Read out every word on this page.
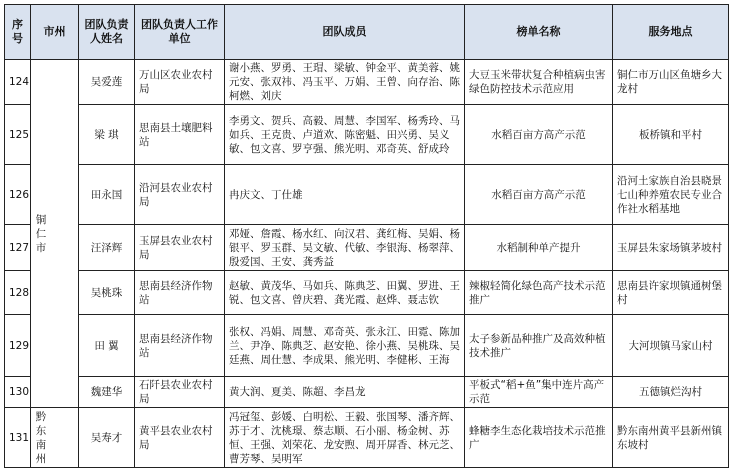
序号	市州	团队负责人姓名	团队负责人工作单位	团队成员	榜单名称	服务地点
124	铜仁市	吴爱莲	万山区农业农村局	谢小燕、罗勇、王瑁、梁敏、钟金平、黄美蓉、姚元安、张双祎、冯玉平、万娟、王曾、向存治、陈柯燃、刘庆	大豆玉米带状复合种植病虫害绿色防控技术示范应用	铜仁市万山区鱼塘乡大龙村
125		梁 琪	思南县土壤肥料站	李勇文、贺兵、高毅、周慧、李国军、杨秀玲、马如兵、王克贵、卢道欢、陈密魁、田兴勇、吴义敏、包文喜、罗亨强、熊光明、邓奇英、舒成玲	水稻百亩方高产示范	板桥镇和平村
126		田永国	沿河县农业农村局	冉庆文、丁仕雄	水稻百亩方高产示范	沿河土家族自治县晓景七山种养殖农民专业合作社水稻基地
127		汪泽辉	玉屏县农业农村局	邓娅、詹霞、杨水红、向汉君、龚红梅、吴娟、杨银平、罗玉群、吴文敏、代敏、李银海、杨翠萍、殷爱国、王安、龚秀益	水稻制种单产提升	玉屏县朱家场镇茅坡村
128		吴桃珠	思南县经济作物站	赵敏、黄茂华、马如兵、陈典芝、田翼、罗进、王锐、包文喜、曾庆碧、龚光霞、赵烨、聂志钦	辣椒轻简化绿色高产技术示范推广	思南县许家坝镇通树堡村
129		田 翼	思南县经济作物站	张权、冯娟、周慧、邓奇英、张永江、田霓、陈加兰、尹净、陈典芝、赵安艳、徐小燕、吴桃珠、吴廷燕、周仕慧、李成果、熊光明、李健彬、王海	太子参新品种推广及高效种植技术推广	大河坝镇马家山村
130		魏建华	石阡县农业农村局	黄大润、夏美、陈超、李昌龙	平板式“稻+鱼”集中连片高产示范	五德镇烂沟村
131	黔东南州	吴寿才	黄平县农业农村局	冯冠玺、彭媛、白明松、王毅、张国琴、潘齐辉、苏于才、沈桃璟、蔡志顺、石小丽、杨金树、苏恒、王强、刘荣花、龙安煦、周开屏香、林元芝、曹芳琴、吴明军	蜂糖李生态化栽培技术示范推广	黔东南州黄平县新州镇东坡村
